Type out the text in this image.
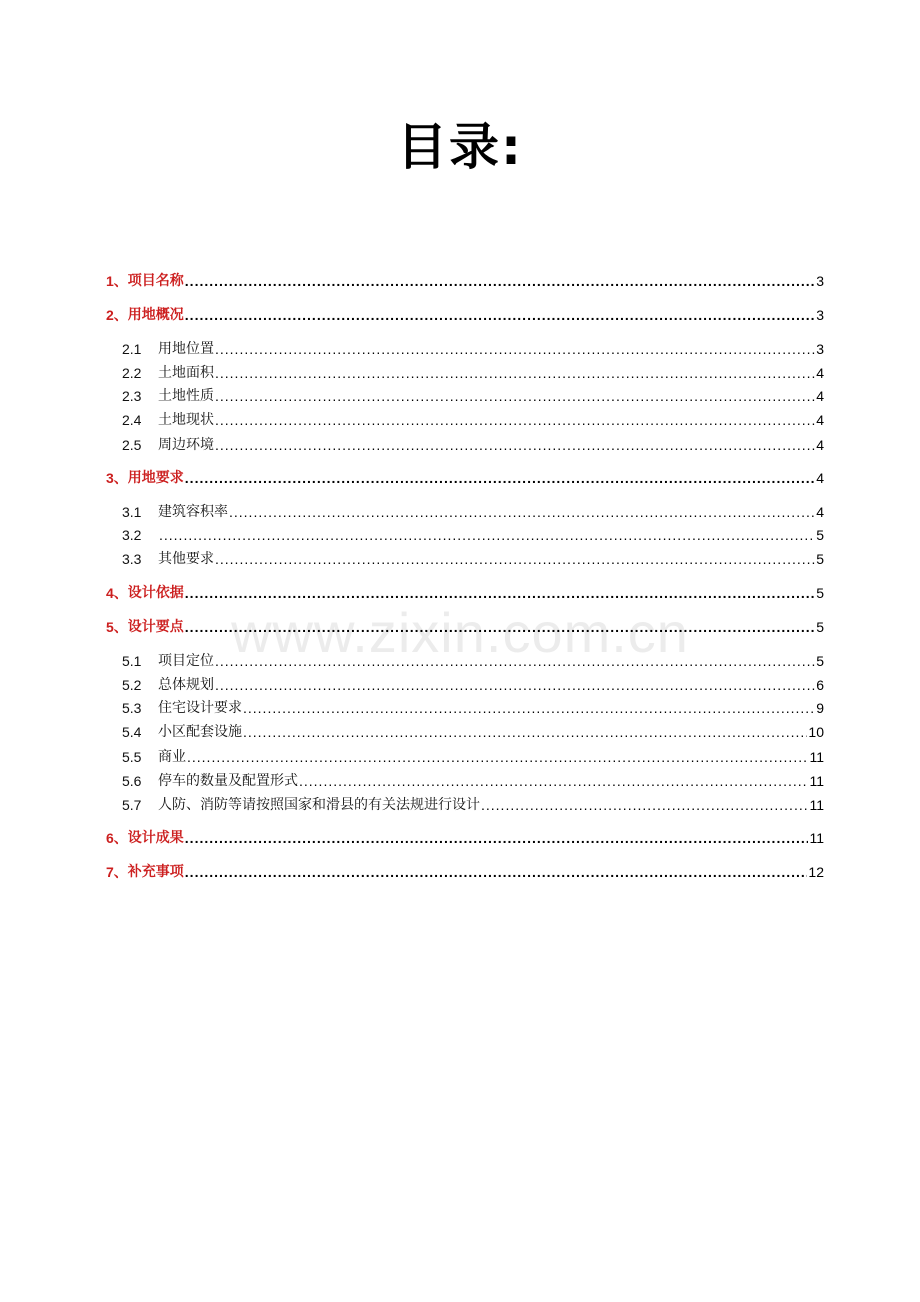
目录:
www.zixin.com.cn
1、 项目名称 .....	3
2、 用地概况 .....	3
2.1	用地位置 .....	3
2.2	土地面积 .....	4
2.3	土地性质 .....	4
2.4	土地现状 .....	4
2.5	周边环境 .....	4
3、 用地要求 .....	4
3.1	建筑容积率 .....	4
3.2 .....	5
3.3	其他要求 .....	5
4、 设计依据 .....	5
5、 设计要点 .....	5
5.1	项目定位 .....	5
5.2	总体规划 .....	6
5.3	住宅设计要求 .....	9
5.4	小区配套设施 .....	10
5.5	商业 .....	11
5.6	停车的数量及配置形式 .....	11
5.7	人防、消防等请按照国家和滑县的有关法规进行设计 .....	11
6、 设计成果 .....	11
7、 补充事项 .....	12
